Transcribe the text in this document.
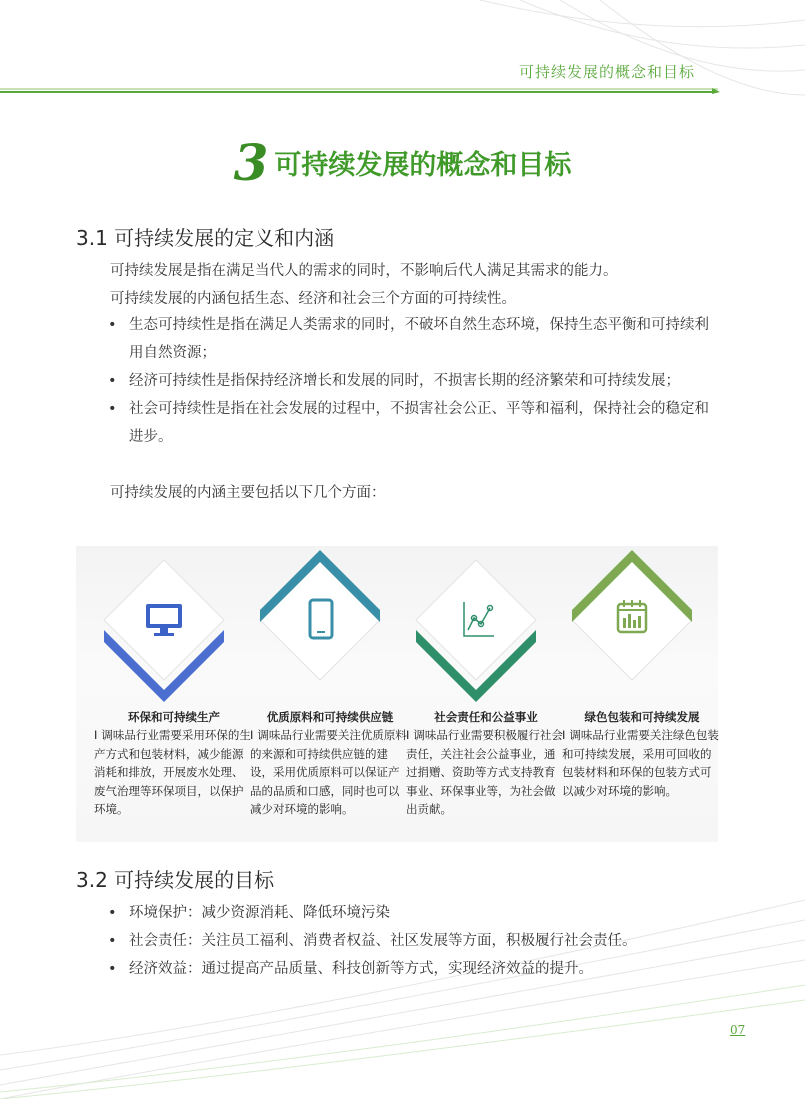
可持续发展的概念和目标
3 可持续发展的概念和目标
3.1 可持续发展的定义和内涵
可持续发展是指在满足当代人的需求的同时，不影响后代人满足其需求的能力。
可持续发展的内涵包括生态、经济和社会三个方面的可持续性。
• 生态可持续性是指在满足人类需求的同时，不破坏自然生态环境，保持生态平衡和可持续利用自然资源；
• 经济可持续性是指保持经济增长和发展的同时，不损害长期的经济繁荣和可持续发展；
• 社会可持续性是指在社会发展的过程中，不损害社会公正、平等和福利，保持社会的稳定和进步。
可持续发展的内涵主要包括以下几个方面：
环保和可持续生产
I 调味品行业需要采用环保的生产方式和包装材料，减少能源消耗和排放，开展废水处理、废气治理等环保项目，以保护环境。
优质原料和可持续供应链
I 调味品行业需要关注优质原料的来源和可持续供应链的建设，采用优质原料可以保证产品的品质和口感，同时也可以减少对环境的影响。
社会责任和公益事业
I 调味品行业需要积极履行社会责任，关注社会公益事业，通过捐赠、资助等方式支持教育事业、环保事业等，为社会做出贡献。
绿色包装和可持续发展
I 调味品行业需要关注绿色包装和可持续发展，采用可回收的包装材料和环保的包装方式可以减少对环境的影响。
3.2 可持续发展的目标
• 环境保护：减少资源消耗、降低环境污染
• 社会责任：关注员工福利、消费者权益、社区发展等方面，积极履行社会责任。
• 经济效益：通过提高产品质量、科技创新等方式，实现经济效益的提升。
07
